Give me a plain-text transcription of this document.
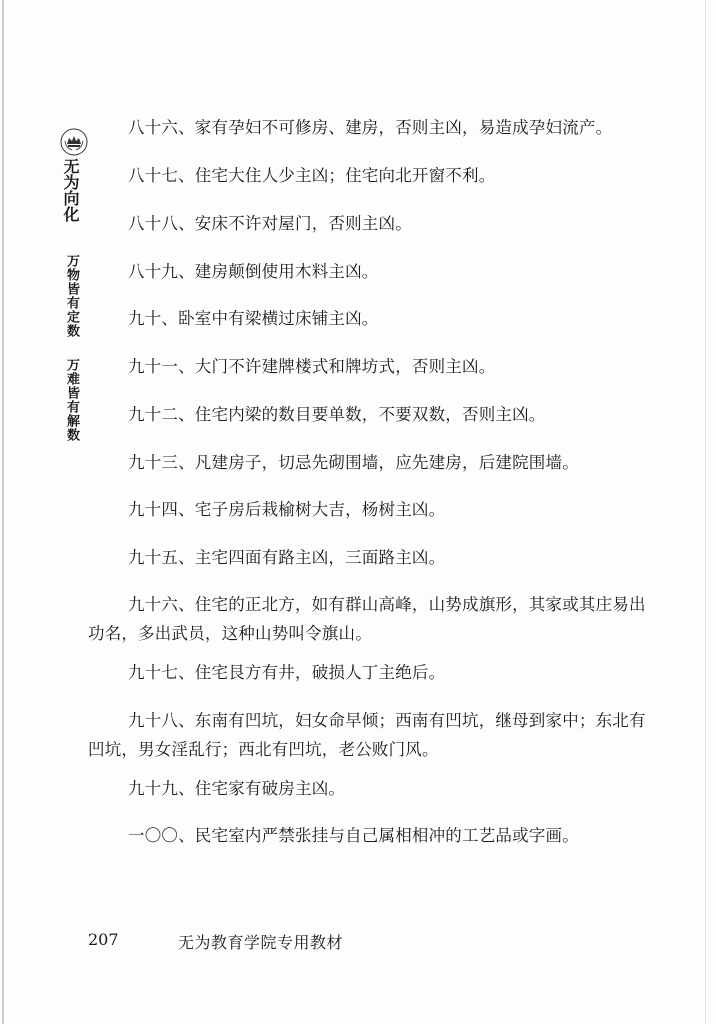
无为向化
万物皆有定数
万难皆有解数

八十六、家有孕妇不可修房、建房，否则主凶，易造成孕妇流产。

八十七、住宅大住人少主凶；住宅向北开窗不利。

八十八、安床不许对屋门，否则主凶。

八十九、建房颠倒使用木料主凶。

九十、卧室中有梁横过床铺主凶。

九十一、大门不许建牌楼式和牌坊式，否则主凶。

九十二、住宅内梁的数目要单数，不要双数，否则主凶。

九十三、凡建房子，切忌先砌围墙，应先建房，后建院围墙。

九十四、宅子房后栽榆树大吉，杨树主凶。

九十五、主宅四面有路主凶，三面路主凶。

九十六、住宅的正北方，如有群山高峰，山势成旗形，其家或其庄易出功名，多出武员，这种山势叫令旗山。

九十七、住宅艮方有井，破损人丁主绝后。

九十八、东南有凹坑，妇女命早倾；西南有凹坑，继母到家中；东北有凹坑，男女淫乱行；西北有凹坑，老公败门风。

九十九、住宅家有破房主凶。

一〇〇、民宅室内严禁张挂与自己属相相冲的工艺品或字画。

207	无为教育学院专用教材
